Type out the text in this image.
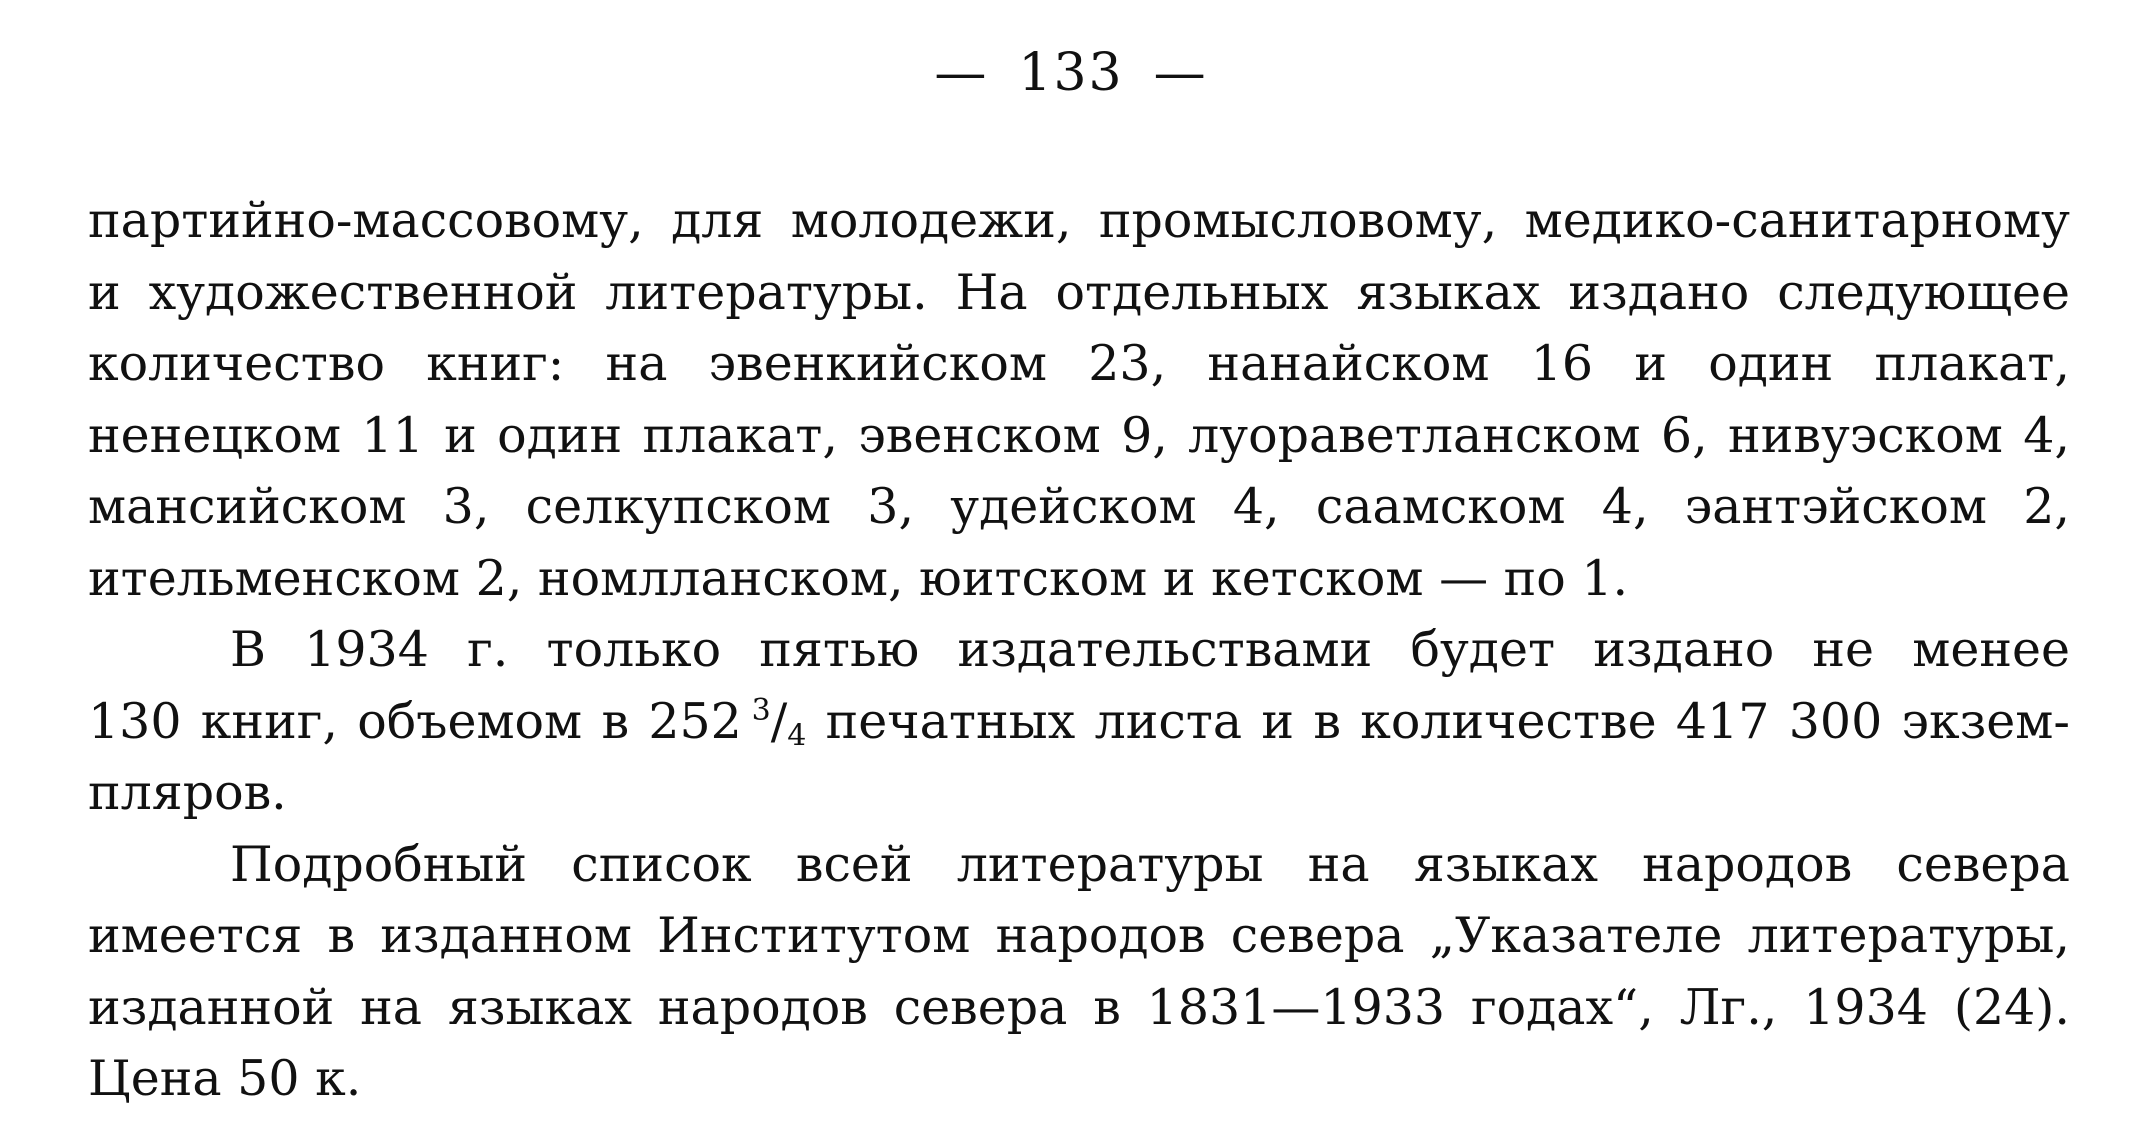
— 133 —
партийно-массовому, для молодежи, промысловому, медико-санитарному
и художественной литературы. На отдельных языках издано следующее
количество книг: на эвенкийском 23, нанайском 16 и один плакат,
ненецком 11 и один плакат, эвенском 9, луораветланском 6, нивуэском 4,
мансийском 3, селкупском 3, удейском 4, саамском 4, эантэйском 2,
ительменском 2, номлланском, юитском и кетском — по 1.
В 1934 г. только пятью издательствами будет издано не менее
130 книг, объемом в 252  $^3$/4 печатных листа и в количестве 417 300 экзем-
пляров.
Подробный список всей литературы на языках народов севера
имеется в изданном Институтом народов севера „Указателе литературы,
изданной на языках народов севера в 1831—1933 годах“, Лг., 1934 (24).
Цена 50 к.
